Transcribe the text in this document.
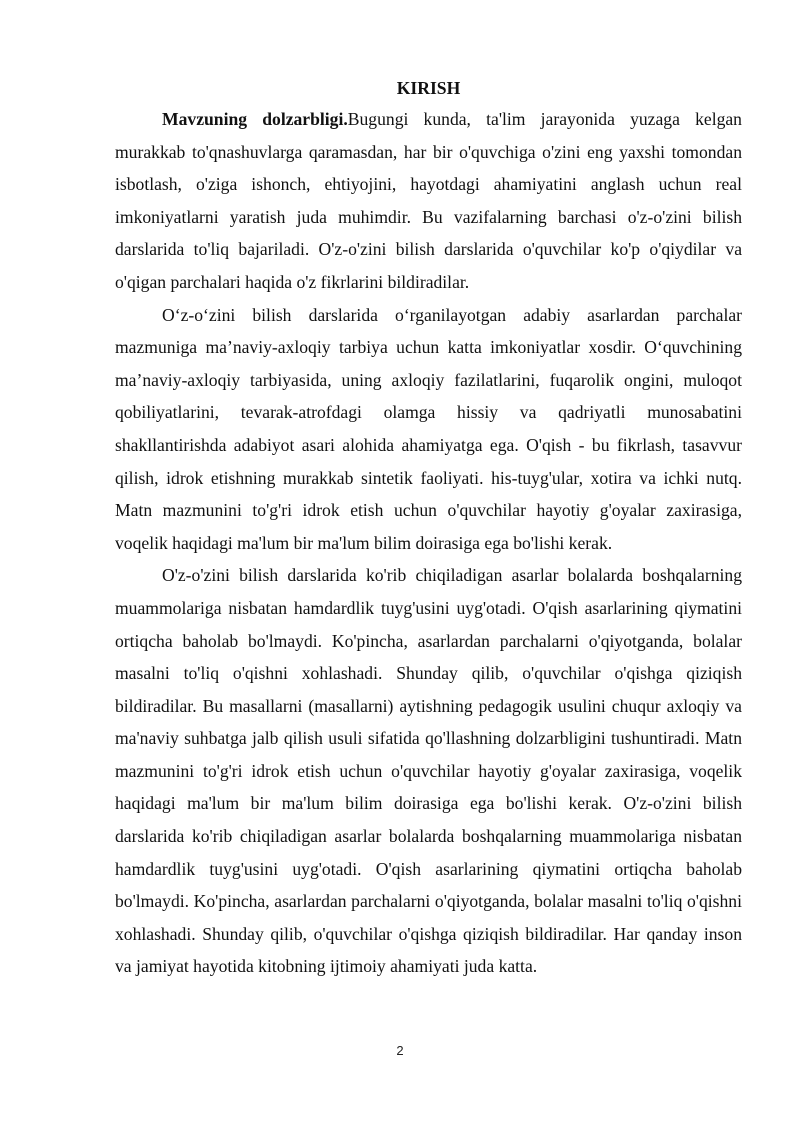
KIRISH

Mavzuning dolzarbligi.Bugungi kunda, ta'lim jarayonida yuzaga kelgan murakkab to'qnashuvlarga qaramasdan, har bir o'quvchiga o'zini eng yaxshi tomondan isbotlash, o'ziga ishonch, ehtiyojini, hayotdagi ahamiyatini anglash uchun real imkoniyatlarni yaratish juda muhimdir. Bu vazifalarning barchasi o'z-o'zini bilish darslarida to'liq bajariladi. O'z-o'zini bilish darslarida o'quvchilar ko'p o'qiydilar va o'qigan parchalari haqida o'z fikrlarini bildiradilar.

O‘z-o‘zini bilish darslarida o‘rganilayotgan adabiy asarlardan parchalar mazmuniga ma’naviy-axloqiy tarbiya uchun katta imkoniyatlar xosdir. O‘quvchining ma’naviy-axloqiy tarbiyasida, uning axloqiy fazilatlarini, fuqarolik ongini, muloqot qobiliyatlarini, tevarak-atrofdagi olamga hissiy va qadriyatli munosabatini shakllantirishda adabiyot asari alohida ahamiyatga ega. O'qish - bu fikrlash, tasavvur qilish, idrok etishning murakkab sintetik faoliyati. his-tuyg'ular, xotira va ichki nutq. Matn mazmunini to'g'ri idrok etish uchun o'quvchilar hayotiy g'oyalar zaxirasiga, voqelik haqidagi ma'lum bir ma'lum bilim doirasiga ega bo'lishi kerak.

O'z-o'zini bilish darslarida ko'rib chiqiladigan asarlar bolalarda boshqalarning muammolariga nisbatan hamdardlik tuyg'usini uyg'otadi. O'qish asarlarining qiymatini ortiqcha baholab bo'lmaydi. Ko'pincha, asarlardan parchalarni o'qiyotganda, bolalar masalni to'liq o'qishni xohlashadi. Shunday qilib, o'quvchilar o'qishga qiziqish bildiradilar. Bu masallarni (masallarni) aytishning pedagogik usulini chuqur axloqiy va ma'naviy suhbatga jalb qilish usuli sifatida qo'llashning dolzarbligini tushuntiradi. Matn mazmunini to'g'ri idrok etish uchun o'quvchilar hayotiy g'oyalar zaxirasiga, voqelik haqidagi ma'lum bir ma'lum bilim doirasiga ega bo'lishi kerak. O'z-o'zini bilish darslarida ko'rib chiqiladigan asarlar bolalarda boshqalarning muammolariga nisbatan hamdardlik tuyg'usini uyg'otadi. O'qish asarlarining qiymatini ortiqcha baholab bo'lmaydi. Ko'pincha, asarlardan parchalarni o'qiyotganda, bolalar masalni to'liq o'qishni xohlashadi. Shunday qilib, o'quvchilar o'qishga qiziqish bildiradilar. Har qanday inson va jamiyat hayotida kitobning ijtimoiy ahamiyati juda katta.

2
